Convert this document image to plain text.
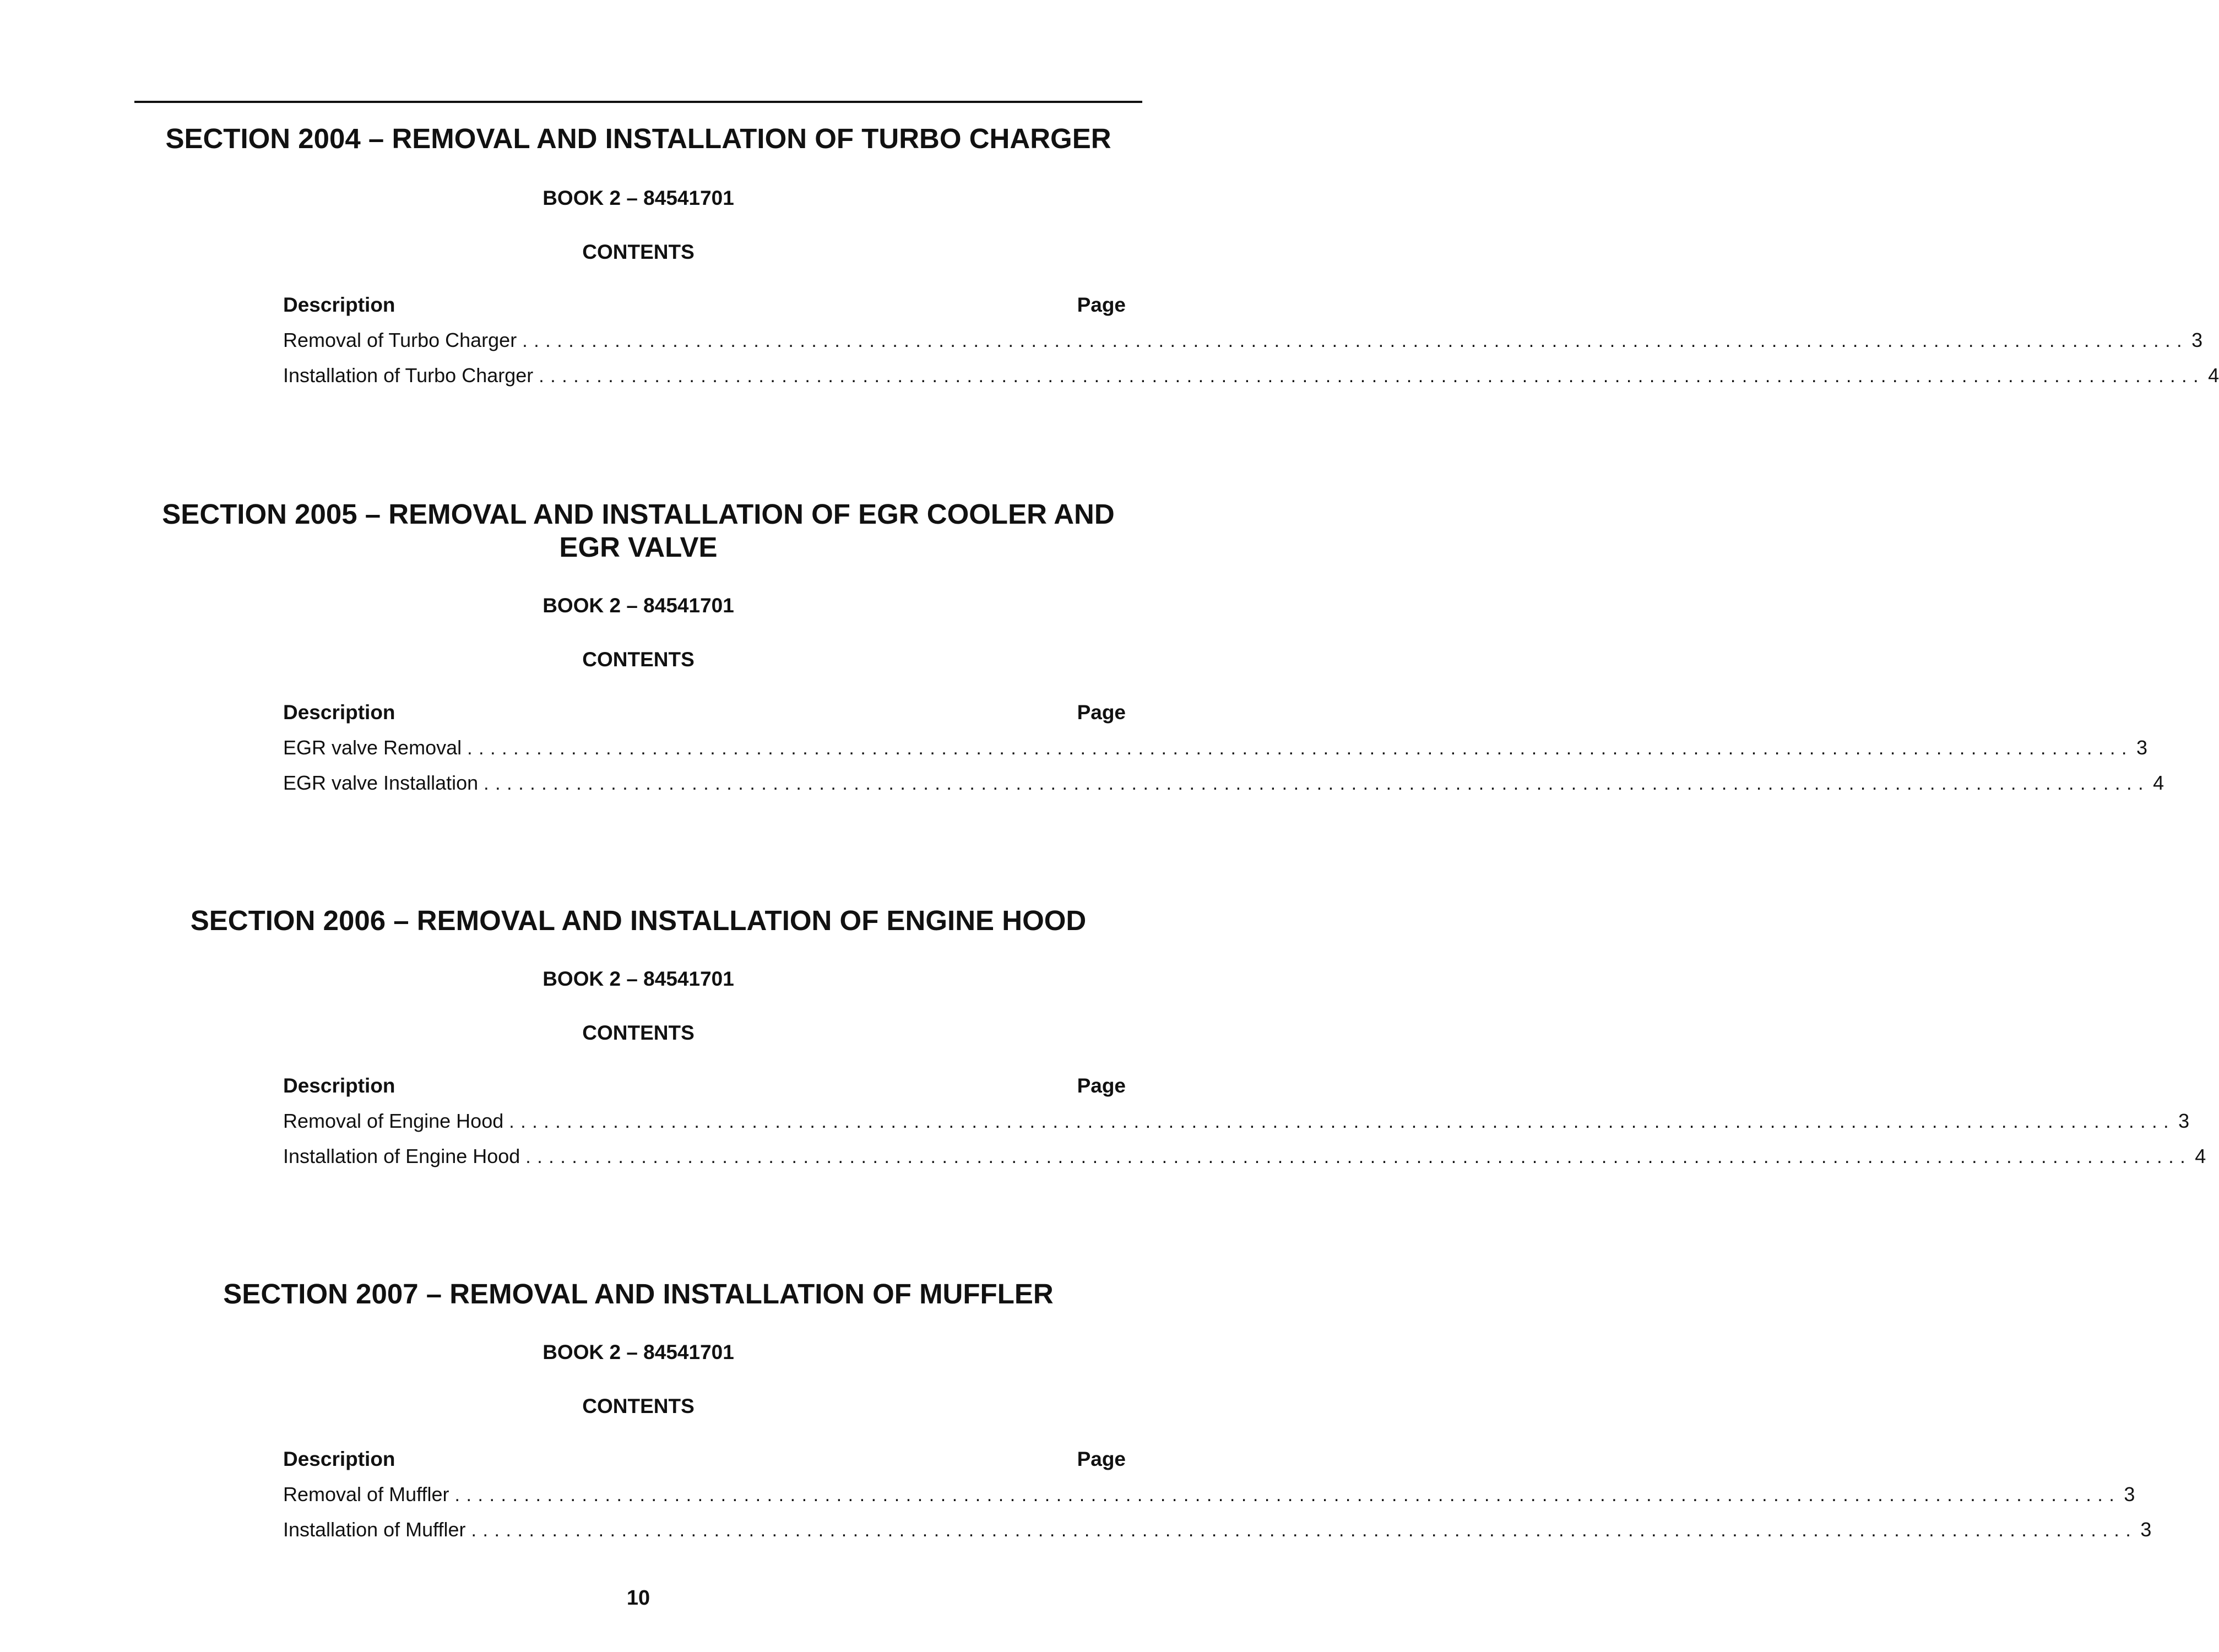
SECTION 2004 – REMOVAL AND INSTALLATION OF TURBO CHARGER

BOOK 2 – 84541701

CONTENTS

Description	Page
Removal of Turbo Charger ................................................................................................................................................ 3
Installation of Turbo Charger ................................................................................................................................................ 4
SECTION 2005 – REMOVAL AND INSTALLATION OF EGR COOLER AND
EGR VALVE

BOOK 2 – 84541701

CONTENTS

Description	Page
EGR valve Removal ................................................................................................................................................ 3
EGR valve Installation ................................................................................................................................................ 4
SECTION 2006 – REMOVAL AND INSTALLATION OF ENGINE HOOD

BOOK 2 – 84541701

CONTENTS

Description	Page
Removal of Engine Hood ................................................................................................................................................ 3
Installation of Engine Hood ................................................................................................................................................ 4
SECTION 2007 – REMOVAL AND INSTALLATION OF MUFFLER

BOOK 2 – 84541701

CONTENTS

Description	Page
Removal of Muffler ................................................................................................................................................ 3
Installation of Muffler ................................................................................................................................................ 3
10
